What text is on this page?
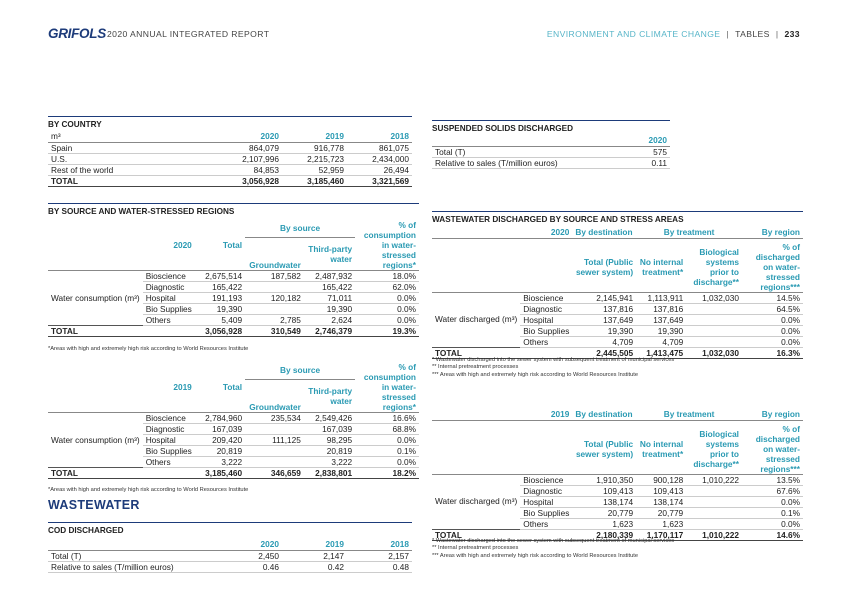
GRIFOLS 2020 ANNUAL INTEGRATED REPORT	ENVIRONMENT AND CLIMATE CHANGE | TABLES | 233
BY COUNTRY
m³	2020	2019	2018
Spain	864,079	916,778	861,075
U.S.	2,107,996	2,215,723	2,434,000
Rest of the world	84,853	52,959	26,494
TOTAL	3,056,928	3,185,460	3,321,569
SUSPENDED SOLIDS DISCHARGED
	2020
Total (T)	575
Relative to sales (T/million euros)	0.11
BY SOURCE AND WATER-STRESSED REGIONS
2020		Total	By source		% of consumption in water-stressed regions*
			Groundwater	Third-party water	
Water consumption (m³)	Bioscience	2,675,514	187,582	2,487,932	18.0%
	Diagnostic	165,422		165,422	62.0%
	Hospital	191,193	120,182	71,011	0.0%
	Bio Supplies	19,390		19,390	0.0%
	Others	5,409	2,785	2,624	0.0%
TOTAL		3,056,928	310,549	2,746,379	19.3%
*Areas with high and extremely high risk according to World Resources Institute
2019		Total	By source		% of consumption in water-stressed regions*
			Groundwater	Third-party water	
Water consumption (m³)	Bioscience	2,784,960	235,534	2,549,426	16.6%
	Diagnostic	167,039		167,039	68.8%
	Hospital	209,420	111,125	98,295	0.0%
	Bio Supplies	20,819		20,819	0.1%
	Others	3,222		3,222	0.0%
TOTAL		3,185,460	346,659	2,838,801	18.2%
*Areas with high and extremely high risk according to World Resources Institute
WASTEWATER
COD DISCHARGED
	2020	2019	2018
Total (T)	2,450	2,147	2,157
Relative to sales (T/million euros)	0.46	0.42	0.48
WASTEWATER DISCHARGED BY SOURCE AND STRESS AREAS
2020		By destination	By treatment		By region
		Total (Public sewer system)	No internal treatment*	Biological systems prior to discharge**	% of discharged on water-stressed regions***
Water discharged (m³)	Bioscience	2,145,941	1,113,911	1,032,030	14.5%
	Diagnostic	137,816	137,816		64.5%
	Hospital	137,649	137,649		0.0%
	Bio Supplies	19,390	19,390		0.0%
	Others	4,709	4,709		0.0%
TOTAL		2,445,505	1,413,475	1,032,030	16.3%
* Wastewater discharged into the sewer system with subsequent treatment of municipal services
** Internal pretreatment processes
*** Areas with high and extremely high risk according to World Resources Institute
2019		By destination	By treatment		By region
		Total (Public sewer system)	No internal treatment*	Biological systems prior to discharge**	% of discharged on water-stressed regions***
Water discharged (m³)	Bioscience	1,910,350	900,128	1,010,222	13.5%
	Diagnostic	109,413	109,413		67.6%
	Hospital	138,174	138,174		0.0%
	Bio Supplies	20,779	20,779		0.1%
	Others	1,623	1,623		0.0%
TOTAL		2,180,339	1,170,117	1,010,222	14.6%
* Wastewater discharged into the sewer system with subsequent treatment of municipal services
** Internal pretreatment processes
*** Areas with high and extremely high risk according to World Resources Institute
